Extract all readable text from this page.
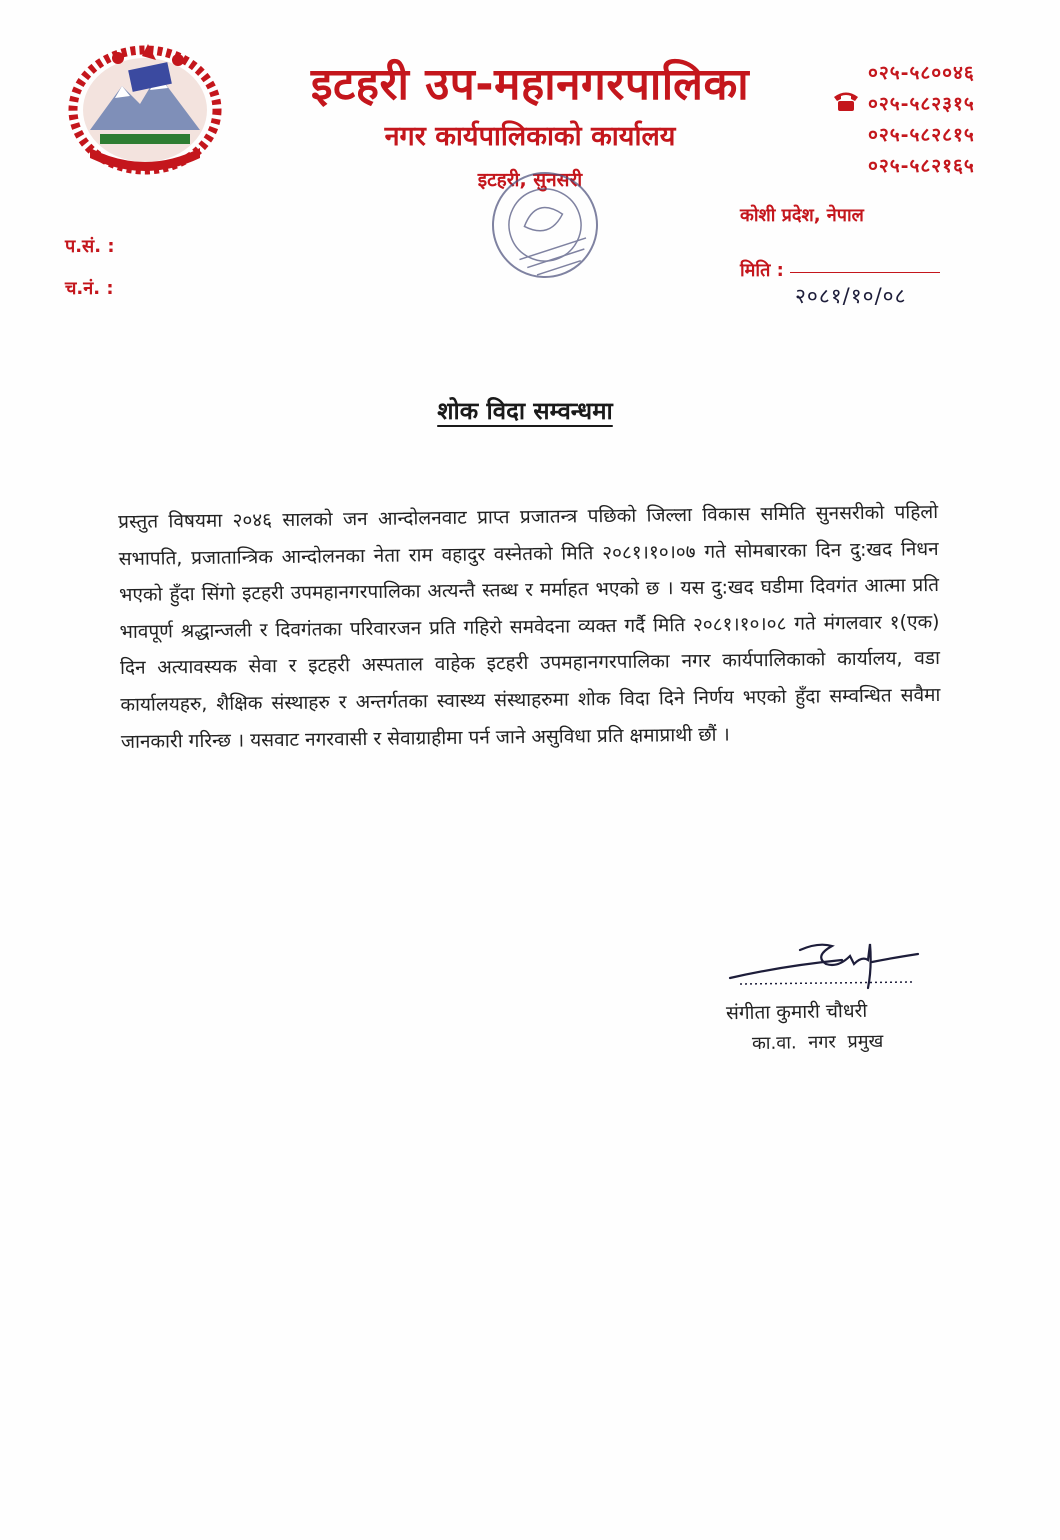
इटहरी उप-महानगरपालिका
नगर कार्यपालिकाको कार्यालय
इटहरी, सुनसरी
०२५-५८००४६
०२५-५८२३१५
०२५-५८२८१५
०२५-५८२१६५
कोशी प्रदेश, नेपाल
मिति :
२०८१/१०/०८
प.सं. :
च.नं. :
शोक विदा सम्वन्धमा
प्रस्तुत विषयमा २०४६ सालको जन आन्दोलनवाट प्राप्त प्रजातन्त्र पछिको जिल्ला विकास समिति सुनसरीको पहिलो सभापति, प्रजातान्त्रिक आन्दोलनका नेता राम वहादुर वस्नेतको मिति २०८१।१०।०७ गते सोमबारका दिन दु:खद निधन भएको हुँदा सिंगो इटहरी उपमहानगरपालिका अत्यन्तै स्तब्ध र मर्माहत भएको छ । यस दु:खद घडीमा दिवगंत आत्मा प्रति भावपूर्ण श्रद्धान्जली र दिवगंतका परिवारजन प्रति गहिरो समवेदना व्यक्त गर्दै मिति २०८१।१०।०८ गते मंगलवार १(एक) दिन अत्यावस्यक सेवा र इटहरी अस्पताल वाहेक इटहरी उपमहानगरपालिका नगर कार्यपालिकाको कार्यालय, वडा कार्यालयहरु, शैक्षिक संस्थाहरु र अन्तर्गतका स्वास्थ्य संस्थाहरुमा शोक विदा दिने निर्णय भएको हुँदा सम्वन्धित सवैमा जानकारी गरिन्छ । यसवाट नगरवासी र सेवाग्राहीमा पर्न जाने असुविधा प्रति क्षमाप्राथी छौं ।
संगीता कुमारी चौधरी
का.वा. नगर प्रमुख
